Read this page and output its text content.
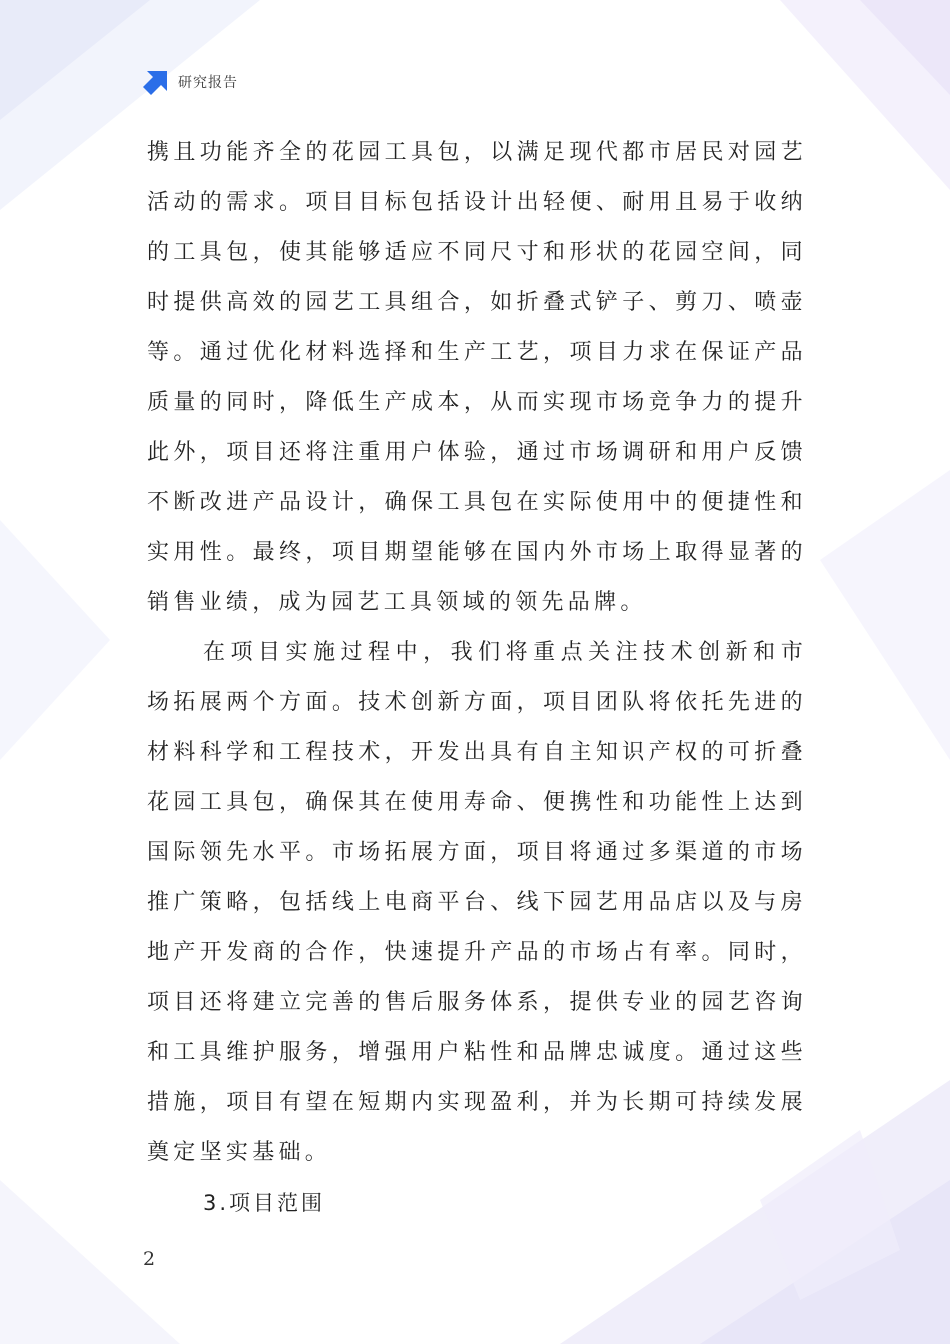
研究报告

携且功能齐全的花园工具包，以满足现代都市居民对园艺活动的需求。项目目标包括设计出轻便、耐用且易于收纳的工具包，使其能够适应不同尺寸和形状的花园空间，同时提供高效的园艺工具组合，如折叠式铲子、剪刀、喷壶等。通过优化材料选择和生产工艺，项目力求在保证产品质量的同时，降低生产成本，从而实现市场竞争力的提升此外，项目还将注重用户体验，通过市场调研和用户反馈不断改进产品设计，确保工具包在实际使用中的便捷性和实用性。最终，项目期望能够在国内外市场上取得显著的销售业绩，成为园艺工具领域的领先品牌。

在项目实施过程中，我们将重点关注技术创新和市场拓展两个方面。技术创新方面，项目团队将依托先进的材料科学和工程技术，开发出具有自主知识产权的可折叠花园工具包，确保其在使用寿命、便携性和功能性上达到国际领先水平。市场拓展方面，项目将通过多渠道的市场推广策略，包括线上电商平台、线下园艺用品店以及与房地产开发商的合作，快速提升产品的市场占有率。同时，项目还将建立完善的售后服务体系，提供专业的园艺咨询和工具维护服务，增强用户粘性和品牌忠诚度。通过这些措施，项目有望在短期内实现盈利，并为长期可持续发展奠定坚实基础。

3.项目范围

2
